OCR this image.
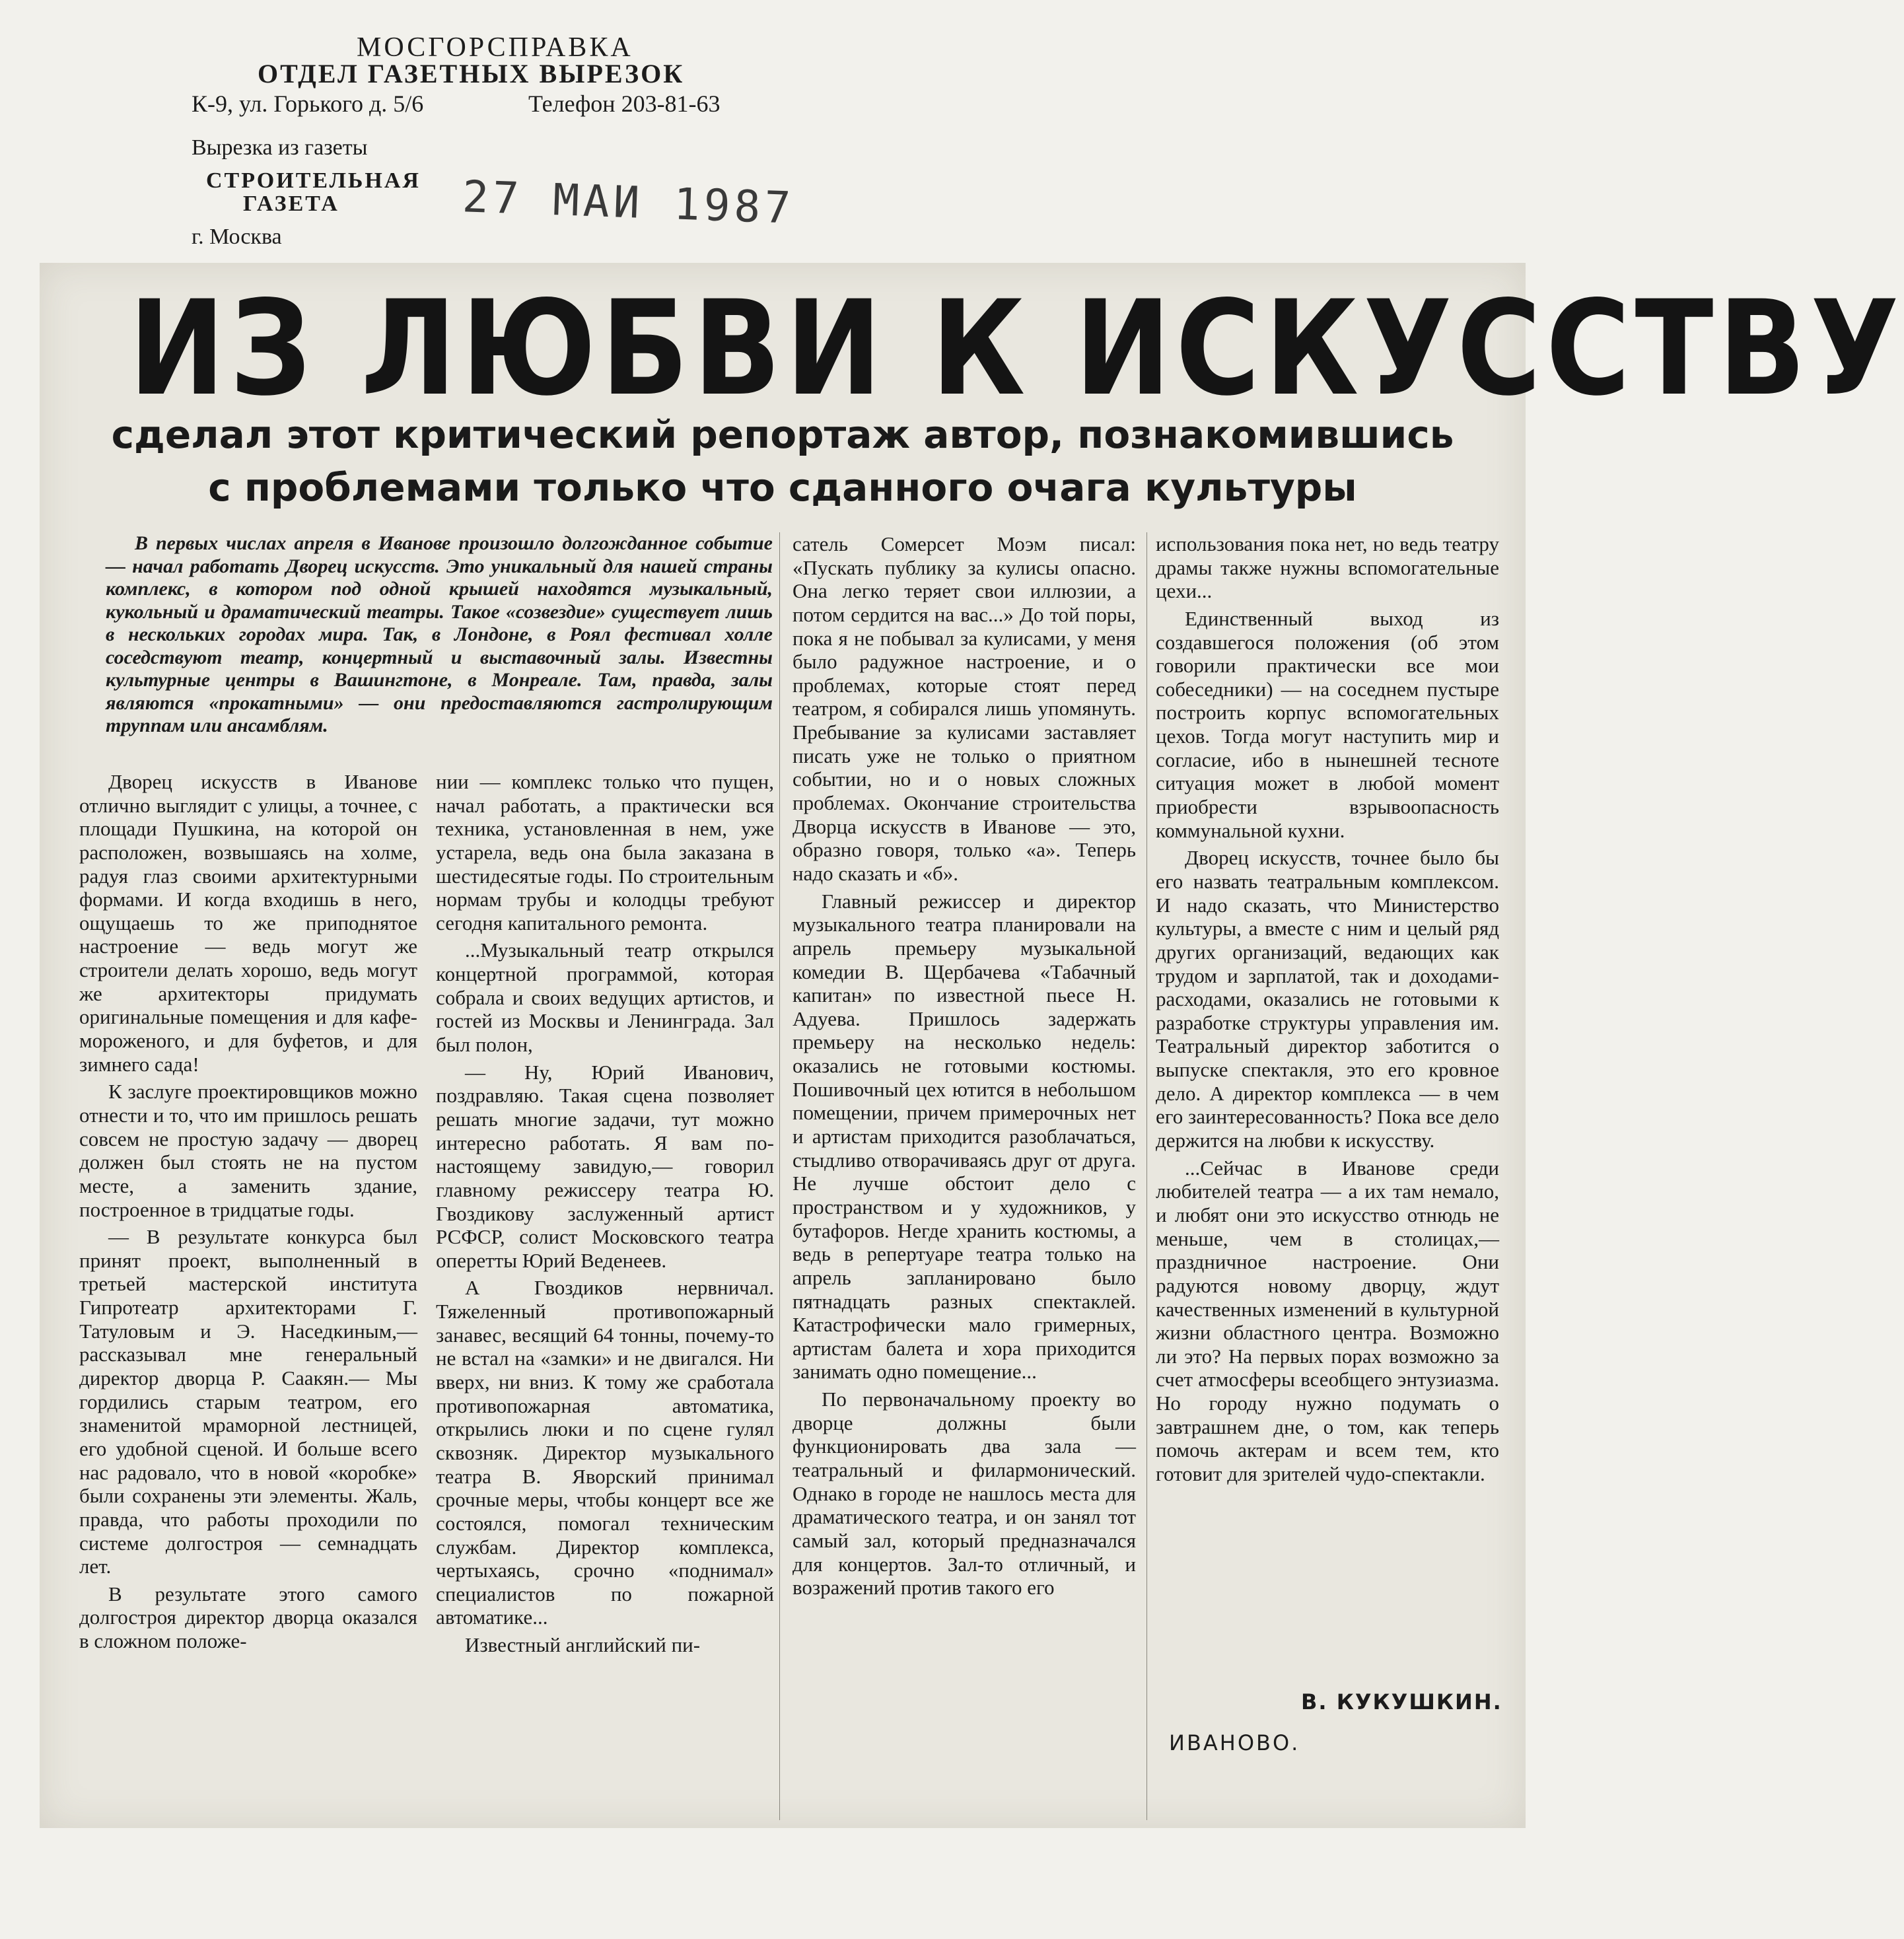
МОСГОРСПРАВКА
ОТДЕЛ ГАЗЕТНЫХ ВЫРЕЗОК
К-9, ул. Горького д. 5/6	Телефон 203-81-63
Вырезка из газеты
СТРОИТЕЛЬНАЯ
ГАЗЕТА
г. Москва
27 МАИ 1987
ИЗ ЛЮБВИ К ИСКУССТВУ
сделал этот критический репортаж автор, познакомившись
с проблемами только что сданного очага культуры

В первых числах апреля в Иванове произошло долгожданное событие — начал работать Дворец искусств. Это уникальный для нашей страны комплекс, в котором под одной крышей находятся музыкальный, кукольный и драматический театры. Такое «созвездие» существует лишь в нескольких городах мира. Так, в Лондоне, в Роял фестивал холле соседствуют театр, концертный и выставочный залы. Известны культурные центры в Вашингтоне, в Монреале. Там, правда, залы являются «прокатными» — они предоставляются гастролирующим труппам или ансамблям.

Дворец искусств в Иванове отлично выглядит с улицы, а точнее, с площади Пушкина, на которой он расположен, возвышаясь на холме, радуя глаз своими архитектурными формами. И когда входишь в него, ощущаешь то же приподнятое настроение — ведь могут же строители делать хорошо, ведь могут же архитекторы придумать оригинальные помещения и для кафе-мороженого, и для буфетов, и для зимнего сада!

К заслуге проектировщиков можно отнести и то, что им пришлось решать совсем не простую задачу — дворец должен был стоять не на пустом месте, а заменить здание, построенное в тридцатые годы.

— В результате конкурса был принят проект, выполненный в третьей мастерской института Гипротеатр архитекторами Г. Татуловым и Э. Наседкиным,— рассказывал мне генеральный директор дворца Р. Саакян.— Мы гордились старым театром, его знаменитой мраморной лестницей, его удобной сценой. И больше всего нас радовало, что в новой «коробке» были сохранены эти элементы. Жаль, правда, что работы проходили по системе долгостроя — семнадцать лет.

В результате этого самого долгостроя директор дворца оказался в сложном положе-

нии — комплекс только что пущен, начал работать, а практически вся техника, установленная в нем, уже устарела, ведь она была заказана в шестидесятые годы. По строительным нормам трубы и колодцы требуют сегодня капитального ремонта.

...Музыкальный театр открылся концертной программой, которая собрала и своих ведущих артистов, и гостей из Москвы и Ленинграда. Зал был полон,

— Ну, Юрий Иванович, поздравляю. Такая сцена позволяет решать многие задачи, тут можно интересно работать. Я вам по-настоящему завидую,— говорил главному режиссеру театра Ю. Гвоздикову заслуженный артист РСФСР, солист Московского театра оперетты Юрий Веденеев.

А Гвоздиков нервничал. Тяжеленный противопожарный занавес, весящий 64 тонны, почему-то не встал на «замки» и не двигался. Ни вверх, ни вниз. К тому же сработала противопожарная автоматика, открылись люки и по сцене гулял сквозняк. Директор музыкального театра В. Яворский принимал срочные меры, чтобы концерт все же состоялся, помогал техническим службам. Директор комплекса, чертыхаясь, срочно «поднимал» специалистов по пожарной автоматике...

Известный английский пи-

сатель Сомерсет Моэм писал: «Пускать публику за кулисы опасно. Она легко теряет свои иллюзии, а потом сердится на вас...» До той поры, пока я не побывал за кулисами, у меня было радужное настроение, и о проблемах, которые стоят перед театром, я собирался лишь упомянуть. Пребывание за кулисами заставляет писать уже не только о приятном событии, но и о новых сложных проблемах. Окончание строительства Дворца искусств в Иванове — это, образно говоря, только «а». Теперь надо сказать и «б».

Главный режиссер и директор музыкального театра планировали на апрель премьеру музыкальной комедии В. Щербачева «Табачный капитан» по известной пьесе Н. Адуева. Пришлось задержать премьеру на несколько недель: оказались не готовыми костюмы. Пошивочный цех ютится в небольшом помещении, причем примерочных нет и артистам приходится разоблачаться, стыдливо отворачиваясь друг от друга. Не лучше обстоит дело с пространством и у художников, у бутафоров. Негде хранить костюмы, а ведь в репертуаре театра только на апрель запланировано было пятнадцать разных спектаклей. Катастрофически мало гримерных, артистам балета и хора приходится занимать одно помещение...

По первоначальному проекту во дворце должны были функционировать два зала — театральный и филармонический. Однако в городе не нашлось места для драматического театра, и он занял тот самый зал, который предназначался для концертов. Зал-то отличный, и возражений против такого его

использования пока нет, но ведь театру драмы также нужны вспомогательные цехи...

Единственный выход из создавшегося положения (об этом говорили практически все мои собеседники) — на соседнем пустыре построить корпус вспомогательных цехов. Тогда могут наступить мир и согласие, ибо в нынешней тесноте ситуация может в любой момент приобрести взрывоопасность коммунальной кухни.

Дворец искусств, точнее было бы его назвать театральным комплексом. И надо сказать, что Министерство культуры, а вместе с ним и целый ряд других организаций, ведающих как трудом и зарплатой, так и доходами-расходами, оказались не готовыми к разработке структуры управления им. Театральный директор заботится о выпуске спектакля, это его кровное дело. А директор комплекса — в чем его заинтересованность? Пока все дело держится на любви к искусству.

...Сейчас в Иванове среди любителей театра — а их там немало, и любят они это искусство отнюдь не меньше, чем в столицах,— праздничное настроение. Они радуются новому дворцу, ждут качественных изменений в культурной жизни областного центра. Возможно ли это? На первых порах возможно за счет атмосферы всеобщего энтузиазма. Но городу нужно подумать о завтрашнем дне, о том, как теперь помочь актерам и всем тем, кто готовит для зрителей чудо-спектакли.

В. КУКУШКИН.
ИВАНОВО.
